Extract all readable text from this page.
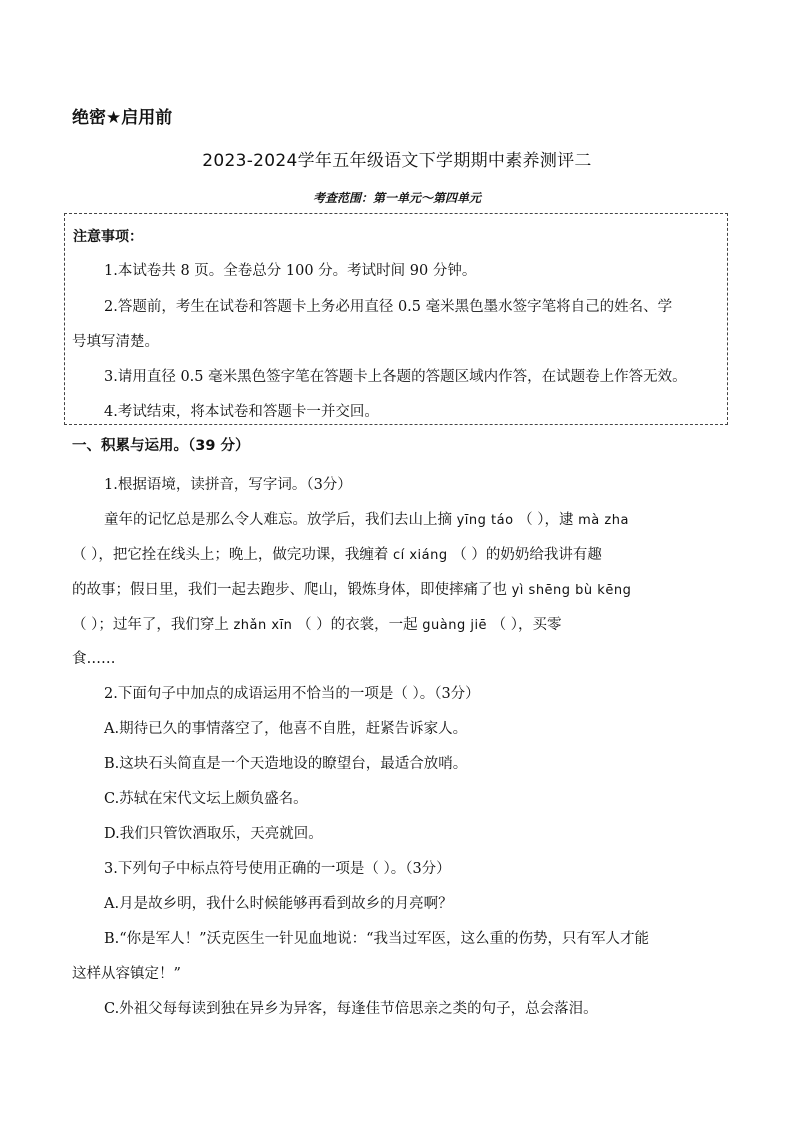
绝密★启用前
2023-2024学年五年级语文下学期期中素养测评二
考查范围：第一单元～第四单元
注意事项：
1.本试卷共 8 页。全卷总分 100 分。考试时间 90 分钟。
2.答题前，考生在试卷和答题卡上务必用直径 0.5 毫米黑色墨水签字笔将自己的姓名、学
号填写清楚。
3.请用直径 0.5 毫米黑色签字笔在答题卡上各题的答题区域内作答，在试题卷上作答无效。
4.考试结束，将本试卷和答题卡一并交回。
一、积累与运用。（39 分）
1.根据语境，读拼音，写字词。（3分）
童年的记忆总是那么令人难忘。放学后，我们去山上摘 yīng táo （ ），逮 mà zha
（ ），把它拴在线头上；晚上，做完功课，我缠着 cí xiáng （ ）的奶奶给我讲有趣
的故事；假日里，我们一起去跑步、爬山，锻炼身体，即使摔痛了也 yì shēng bù kēng
（ ）；过年了，我们穿上 zhǎn xīn （ ）的衣裳，一起 guàng jiē （ ），买零
食……
2.下面句子中加点的成语运用不恰当的一项是（ ）。（3分）
A.期待已久的事情落空了，他喜不自胜，赶紧告诉家人。
B.这块石头简直是一个天造地设的瞭望台，最适合放哨。
C.苏轼在宋代文坛上颇负盛名。
D.我们只管饮酒取乐，天亮就回。
3.下列句子中标点符号使用正确的一项是（ ）。（3分）
A.月是故乡明，我什么时候能够再看到故乡的月亮啊？
B.“你是军人！”沃克医生一针见血地说：“我当过军医，这么重的伤势，只有军人才能
这样从容镇定！”
C.外祖父每每读到独在异乡为异客，每逢佳节倍思亲之类的句子，总会落泪。
